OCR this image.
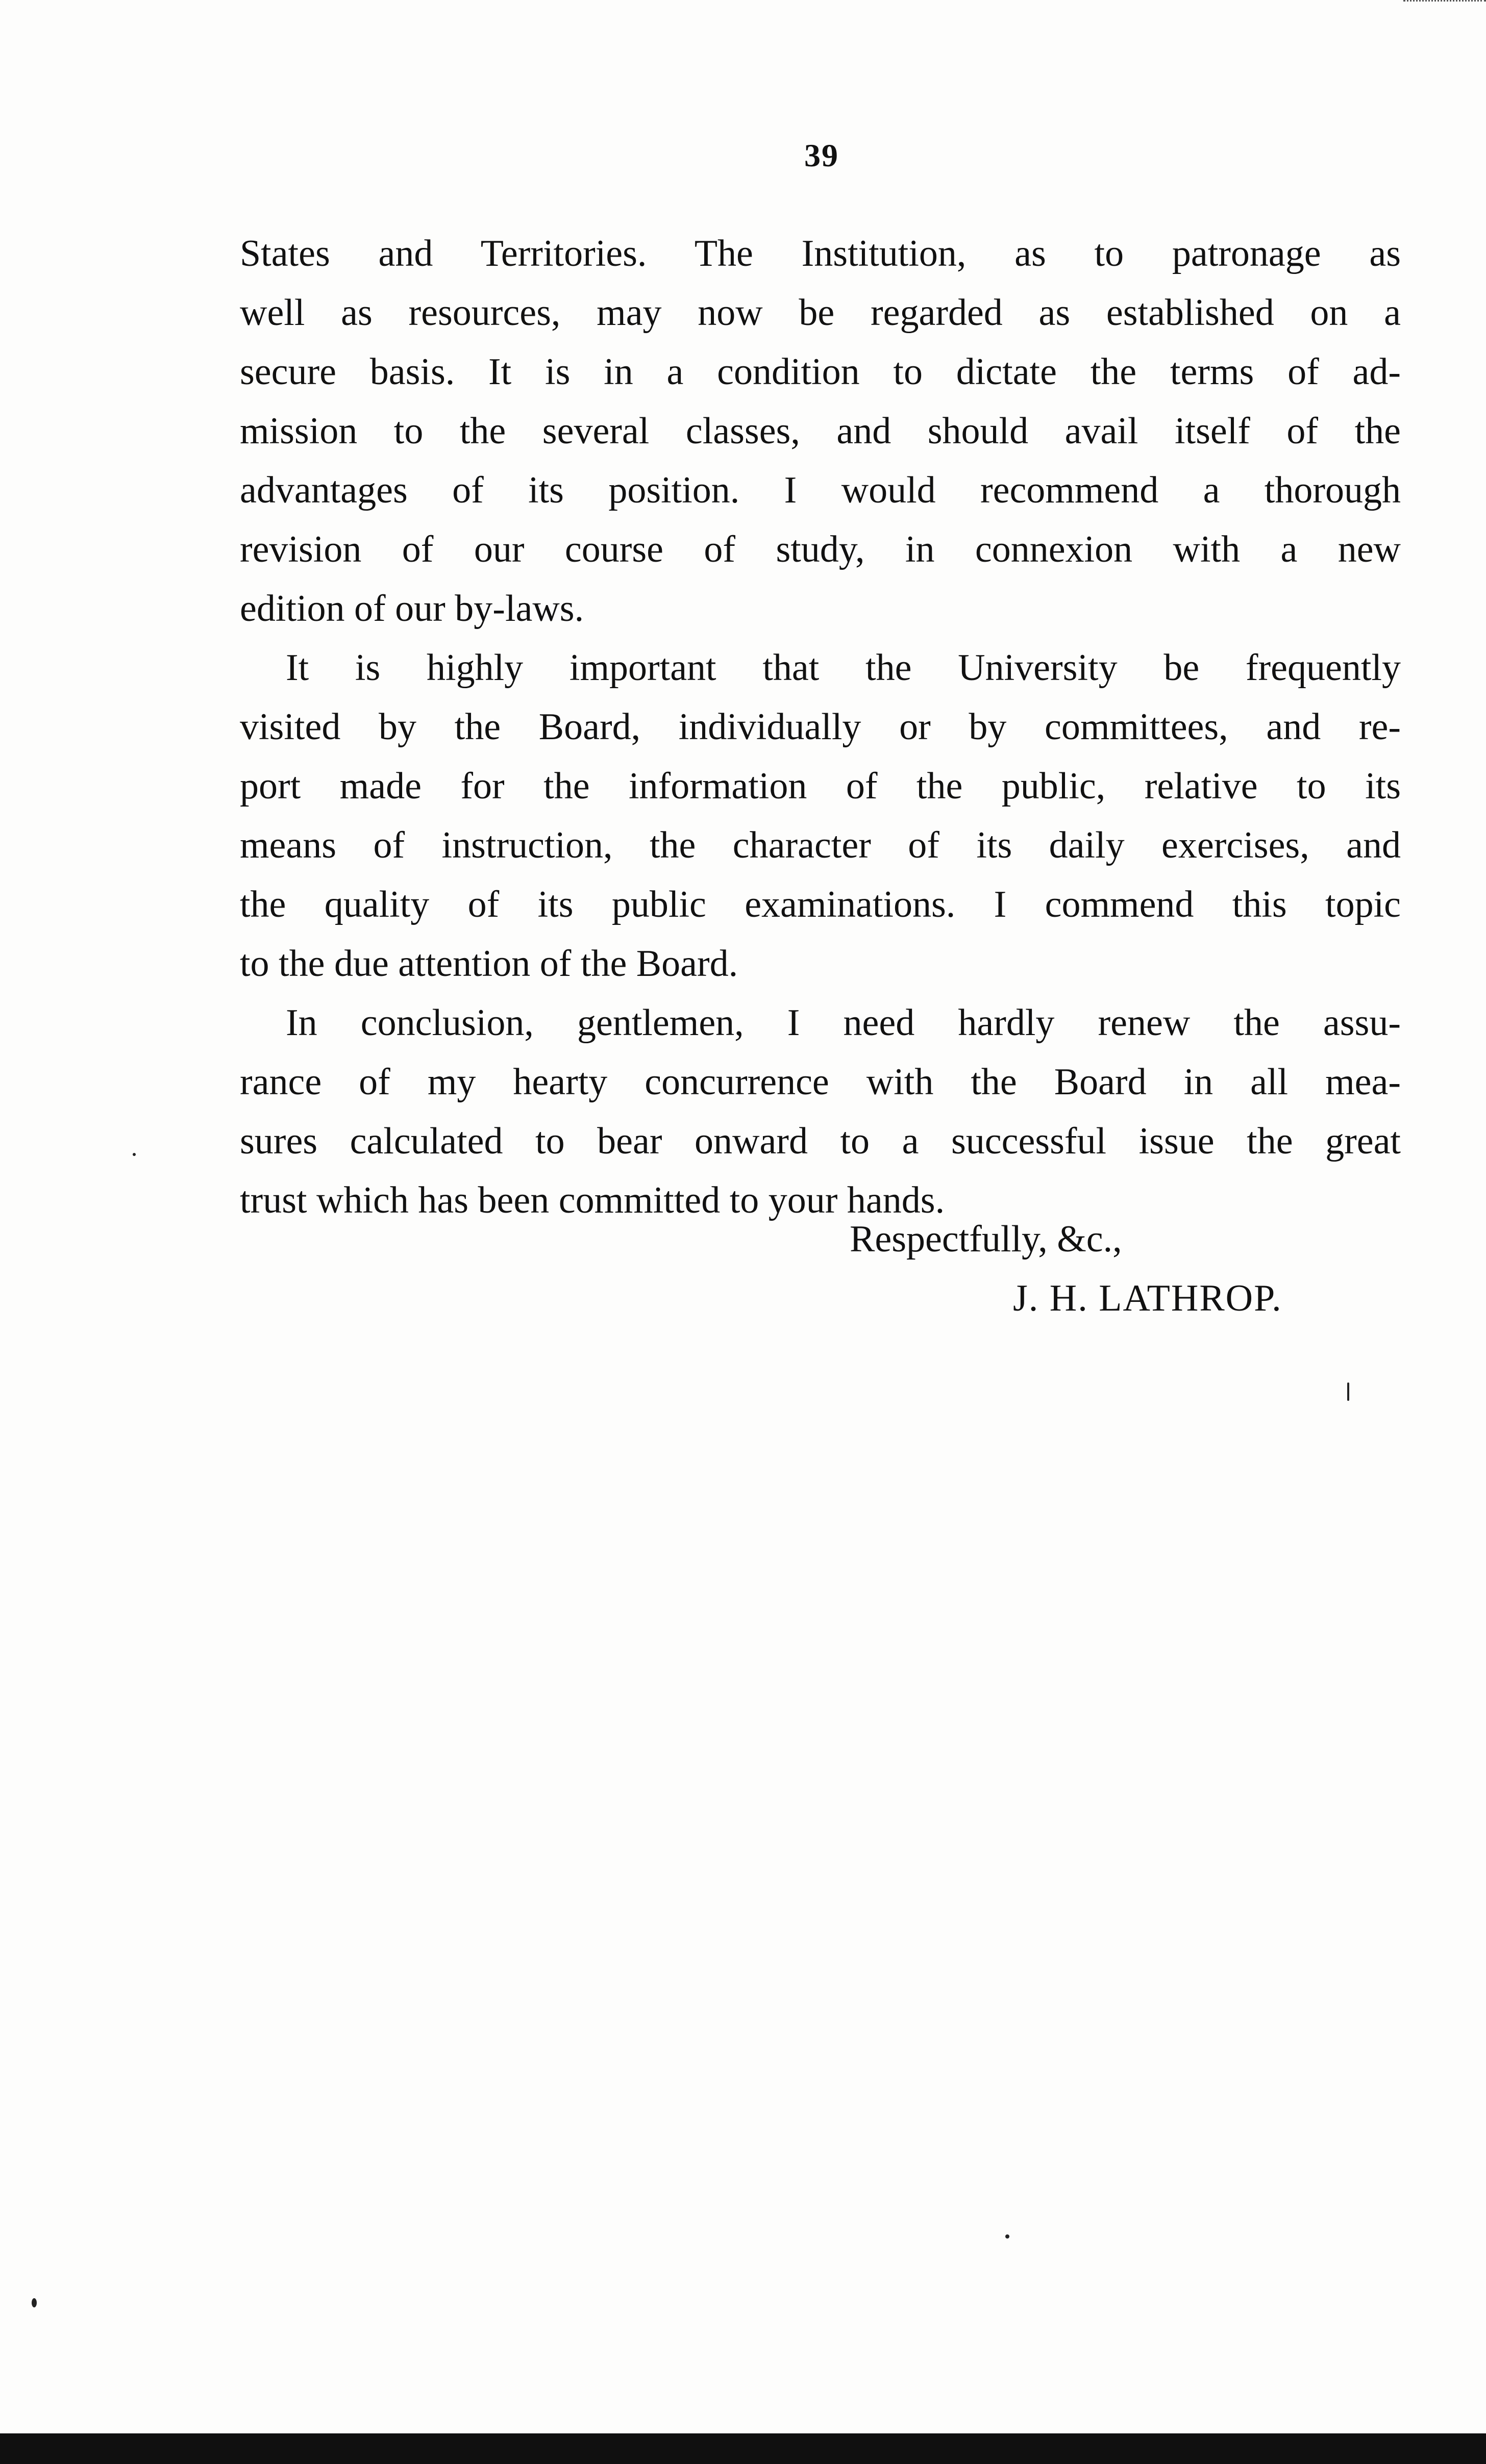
39
States and Territories. The Institution, as to patronage as
well as resources, may now be regarded as established on a
secure basis. It is in a condition to dictate the terms of ad-
mission to the several classes, and should avail itself of the
advantages of its position. I would recommend a thorough
revision of our course of study, in connexion with a new
edition of our by-laws.
It is highly important that the University be frequently
visited by the Board, individually or by committees, and re-
port made for the information of the public, relative to its
means of instruction, the character of its daily exercises, and
the quality of its public examinations. I commend this topic
to the due attention of the Board.
In conclusion, gentlemen, I need hardly renew the assu-
rance of my hearty concurrence with the Board in all mea-
sures calculated to bear onward to a successful issue the great
trust which has been committed to your hands.
Respectfully, &c.,
J. H. LATHROP.
